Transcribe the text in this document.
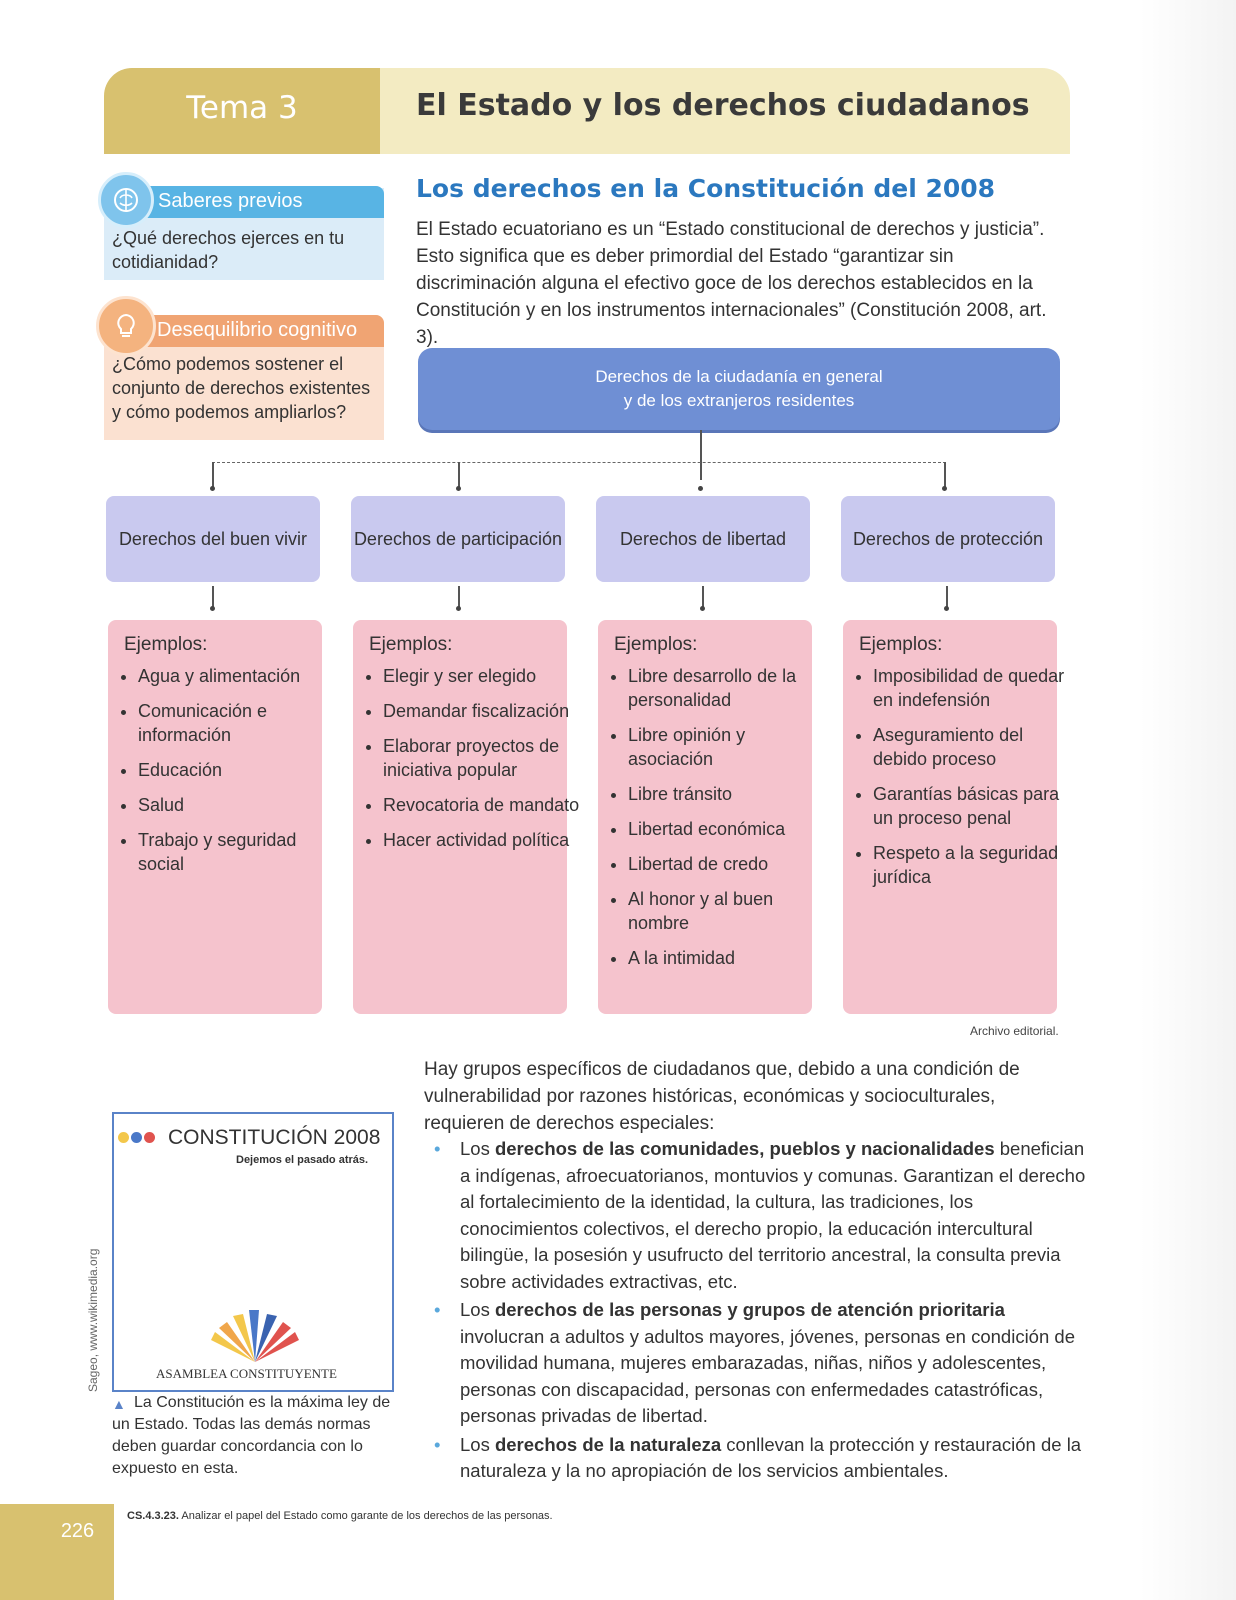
Tema 3	El Estado y los derechos ciudadanos
Saberes previos
¿Qué derechos ejerces en tu cotidianidad?
Desequilibrio cognitivo
¿Cómo podemos sostener el conjunto de derechos existentes y cómo podemos ampliarlos?
Los derechos en la Constitución del 2008
El Estado ecuatoriano es un “Estado constitucional de derechos y justicia”. Esto significa que es deber primordial del Estado “garantizar sin discriminación alguna el efectivo goce de los derechos establecidos en la Constitución y en los instrumentos internacionales” (Constitución 2008, art. 3).
Derechos de la ciudadanía en general
y de los extranjeros residentes
Derechos del buen vivir	Derechos de participación	Derechos de libertad	Derechos de protección
Ejemplos:
• Agua y alimentación
• Comunicación e información
• Educación
• Salud
• Trabajo y seguridad social
Ejemplos:
• Elegir y ser elegido
• Demandar fiscalización
• Elaborar proyectos de iniciativa popular
• Revocatoria de mandato
• Hacer actividad política
Ejemplos:
• Libre desarrollo de la personalidad
• Libre opinión y asociación
• Libre tránsito
• Libertad económica
• Libertad de credo
• Al honor y al buen nombre
• A la intimidad
Ejemplos:
• Imposibilidad de quedar en indefensión
• Aseguramiento del debido proceso
• Garantías básicas para un proceso penal
• Respeto a la seguridad jurídica
Archivo editorial.
CONSTITUCIÓN 2008
Dejemos el pasado atrás.
ASAMBLEA CONSTITUYENTE
Sageo, www.wikimedia.org
▲ La Constitución es la máxima ley de un Estado. Todas las demás normas deben guardar concordancia con lo expuesto en esta.
Hay grupos específicos de ciudadanos que, debido a una condición de vulnerabilidad por razones históricas, económicas y socioculturales, requieren de derechos especiales:
• Los derechos de las comunidades, pueblos y nacionalidades benefician a indígenas, afroecuatorianos, montuvios y comunas. Garantizan el derecho al fortalecimiento de la identidad, la cultura, las tradiciones, los conocimientos colectivos, el derecho propio, la educación intercultural bilingüe, la posesión y usufructo del territorio ancestral, la consulta previa sobre actividades extractivas, etc.
• Los derechos de las personas y grupos de atención prioritaria involucran a adultos y adultos mayores, jóvenes, personas en condición de movilidad humana, mujeres embarazadas, niñas, niños y adolescentes, personas con discapacidad, personas con enfermedades catastróficas, personas privadas de libertad.
• Los derechos de la naturaleza conllevan la protección y restauración de la naturaleza y la no apropiación de los servicios ambientales.
226
CS.4.3.23. Analizar el papel del Estado como garante de los derechos de las personas.
